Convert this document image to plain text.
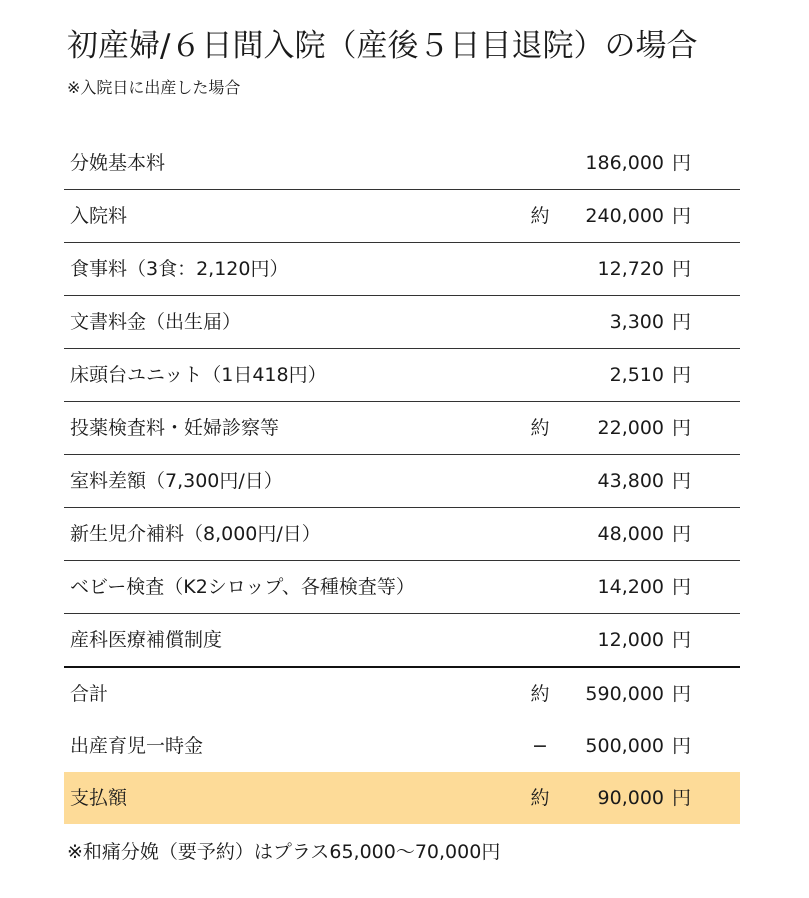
初産婦/６日間入院（産後５日目退院）の場合
※入院日に出産した場合
分娩基本料	186,000 円
入院料	約 240,000 円
食事料（3食：2,120円）	12,720 円
文書料金（出生届）	3,300 円
床頭台ユニット（1日418円）	2,510 円
投薬検査料・妊婦診察等	約	22,000 円
室料差額（7,300円/日）	43,800 円
新生児介補料（8,000円/日）	48,000 円
ベビー検査（K2シロップ、各種検査等）	14,200 円
産科医療補償制度	12,000 円
合計	約 590,000 円
出産育児一時金	− 500,000 円
支払額	約	90,000 円
※和痛分娩（要予約）はプラス65,000～70,000円
